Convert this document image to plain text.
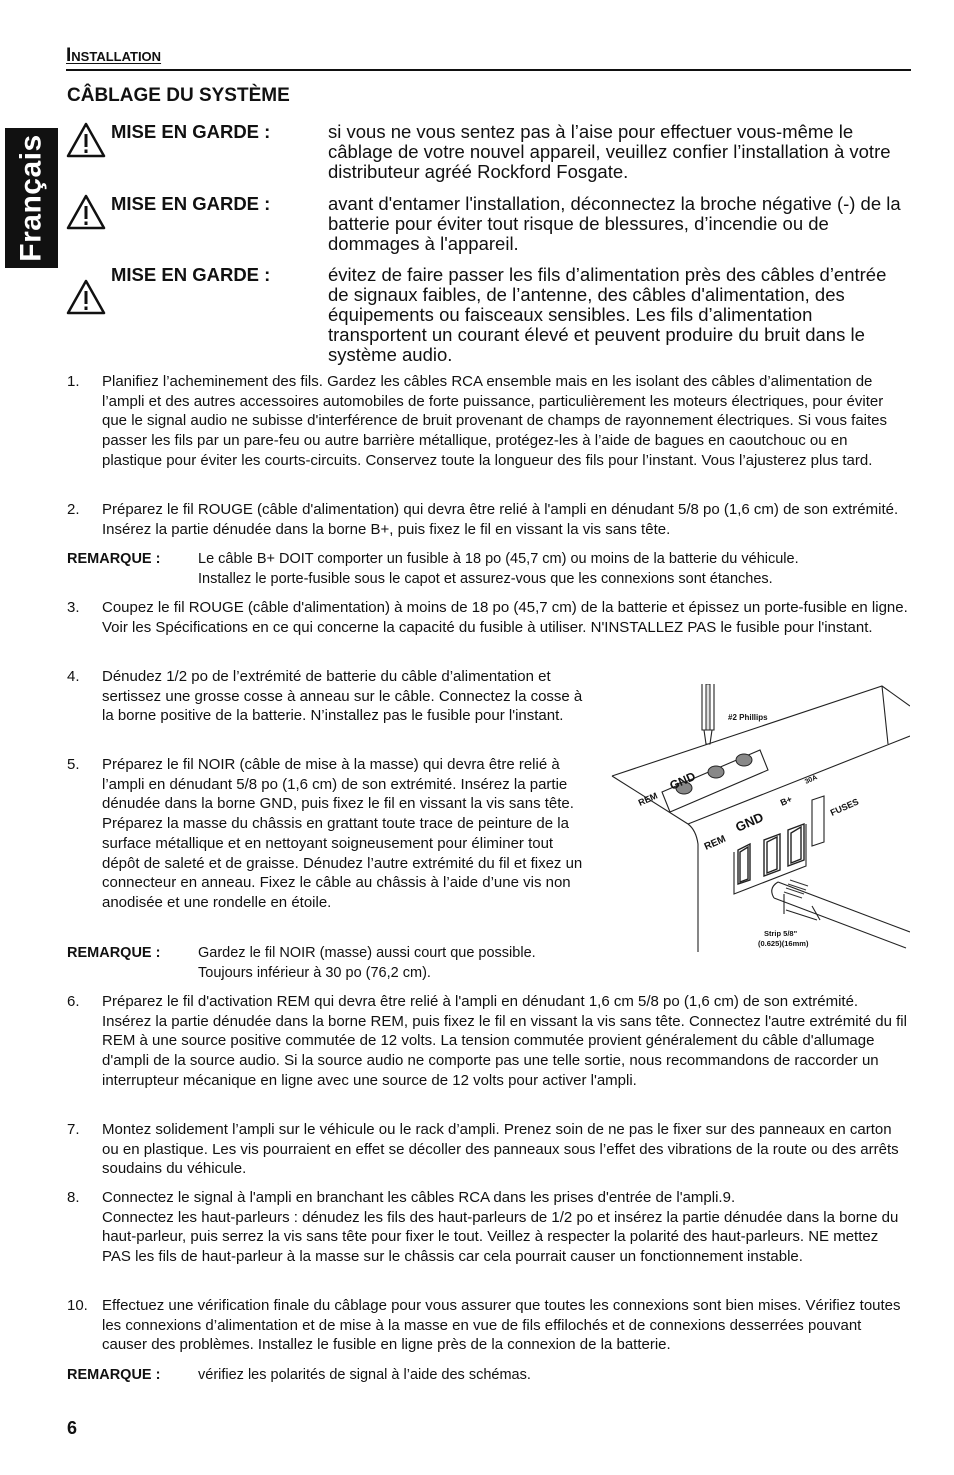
Français
Installation
CÂBLAGE DU SYSTÈME
MISE EN GARDE :	si vous ne vous sentez pas à l’aise pour effectuer vous-même le câblage de votre nouvel appareil, veuillez confier l’installation à votre distributeur agréé Rockford Fosgate.
MISE EN GARDE :	avant d'entamer l'installation, déconnectez la broche négative (-) de la batterie pour éviter tout risque de blessures, d’incendie ou de dommages à l'appareil.
MISE EN GARDE :	évitez de faire passer les fils d’alimentation près des câbles d’entrée de signaux faibles, de l’antenne, des câbles d'alimentation, des équipements ou faisceaux sensibles. Les fils d’alimentation transportent un courant élevé et peuvent produire du bruit dans le système audio.
1. Planifiez l’acheminement des fils. Gardez les câbles RCA ensemble mais en les isolant des câbles d’alimentation de l’ampli et des autres accessoires automobiles de forte puissance, particulièrement les moteurs électriques, pour éviter que le signal audio ne subisse d'interférence de bruit provenant de champs de rayonnement électriques. Si vous faites passer les fils par un pare-feu ou autre barrière métallique, protégez-les à l’aide de bagues en caoutchouc ou en plastique pour éviter les courts-circuits. Conservez toute la longueur des fils pour l’instant. Vous l’ajusterez plus tard.
2. Préparez le fil ROUGE (câble d'alimentation) qui devra être relié à l'ampli en dénudant 5/8 po (1,6 cm) de son extrémité. Insérez la partie dénudée dans la borne B+, puis fixez le fil en vissant la vis sans tête.
REMARQUE :	Le câble B+ DOIT comporter un fusible à 18 po (45,7 cm) ou moins de la batterie du véhicule.
Installez le porte-fusible sous le capot et assurez-vous que les connexions sont étanches.
3. Coupez le fil ROUGE (câble d'alimentation) à moins de 18 po (45,7 cm) de la batterie et épissez un porte-fusible en ligne. Voir les Spécifications en ce qui concerne la capacité du fusible à utiliser. N'INSTALLEZ PAS le fusible pour l'instant.
4. Dénudez 1/2 po de l’extrémité de batterie du câble d’alimentation et sertissez une grosse cosse à anneau sur le câble. Connectez la cosse à la borne positive de la batterie. N’installez pas le fusible pour l'instant.
5. Préparez le fil NOIR (câble de mise à la masse) qui devra être relié à l’ampli en dénudant 5/8 po (1,6 cm) de son extrémité. Insérez la partie dénudée dans la borne GND, puis fixez le fil en vissant la vis sans tête. Préparez la masse du châssis en grattant toute trace de peinture de la surface métallique et en nettoyant soigneusement pour éliminer tout dépôt de saleté et de graisse. Dénudez l’autre extrémité du fil et fixez un connecteur en anneau. Fixez le câble au châssis à l’aide d’une vis non anodisée et une rondelle en étoile.
REMARQUE :	Gardez le fil NOIR (masse) aussi court que possible.
Toujours inférieur à 30 po (76,2 cm).
#2 Phillips
REM
GND
REM
GND
B+
30A
FUSES
Strip 5/8"
(0.625)(16mm)
6. Préparez le fil d'activation REM qui devra être relié à l'ampli en dénudant 1,6 cm 5/8 po (1,6 cm) de son extrémité. Insérez la partie dénudée dans la borne REM, puis fixez le fil en vissant la vis sans tête. Connectez l'autre extrémité du fil REM à une source positive commutée de 12 volts. La tension commutée provient généralement du câble d'allumage d'ampli de la source audio. Si la source audio ne comporte pas une telle sortie, nous recommandons de raccorder un interrupteur mécanique en ligne avec une source de 12 volts pour activer l'ampli.
7. Montez solidement l’ampli sur le véhicule ou le rack d’ampli. Prenez soin de ne pas le fixer sur des panneaux en carton ou en plastique. Les vis pourraient en effet se décoller des panneaux sous l’effet des vibrations de la route ou des arrêts soudains du véhicule.
8. Connectez le signal à l'ampli en branchant les câbles RCA dans les prises d'entrée de l'ampli.9.
Connectez les haut-parleurs : dénudez les fils des haut-parleurs de 1/2 po et insérez la partie dénudée dans la borne du haut-parleur, puis serrez la vis sans tête pour fixer le tout. Veillez à respecter la polarité des haut-parleurs. NE mettez PAS les fils de haut-parleur à la masse sur le châssis car cela pourrait causer un fonctionnement instable.
10. Effectuez une vérification finale du câblage pour vous assurer que toutes les connexions sont bien mises. Vérifiez toutes les connexions d’alimentation et de mise à la masse en vue de fils effilochés et de connexions desserrées pouvant causer des problèmes. Installez le fusible en ligne près de la connexion de la batterie.
REMARQUE :	vérifiez les polarités de signal à l’aide des schémas.
6
